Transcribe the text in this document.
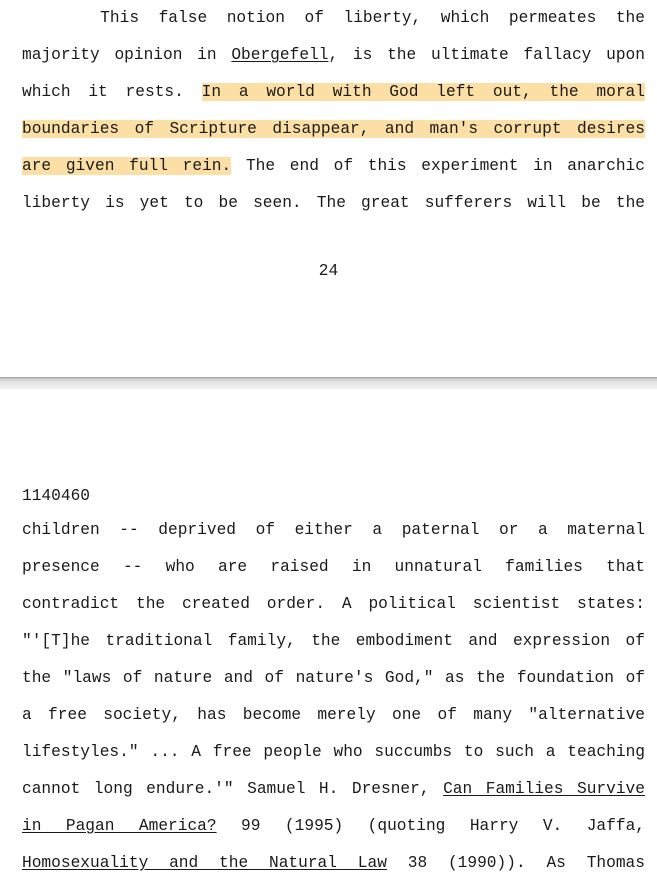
This false notion of liberty, which permeates the
majority opinion in Obergefell, is the ultimate fallacy upon
which it rests. In a world with God left out, the moral
boundaries of Scripture disappear, and man's corrupt desires
are given full rein. The end of this experiment in anarchic
liberty is yet to be seen. The great sufferers will be the
24
1140460
children -- deprived of either a paternal or a maternal
presence -- who are raised in unnatural families that
contradict the created order. A political scientist states:
"'[T]he traditional family, the embodiment and expression of
the "laws of nature and of nature's God," as the foundation of
a free society, has become merely one of many "alternative
lifestyles." ... A free people who succumbs to such a teaching
cannot long endure.'" Samuel H. Dresner, Can Families Survive
in Pagan America? 99 (1995) (quoting Harry V. Jaffa,
Homosexuality and the Natural Law 38 (1990)). As Thomas
